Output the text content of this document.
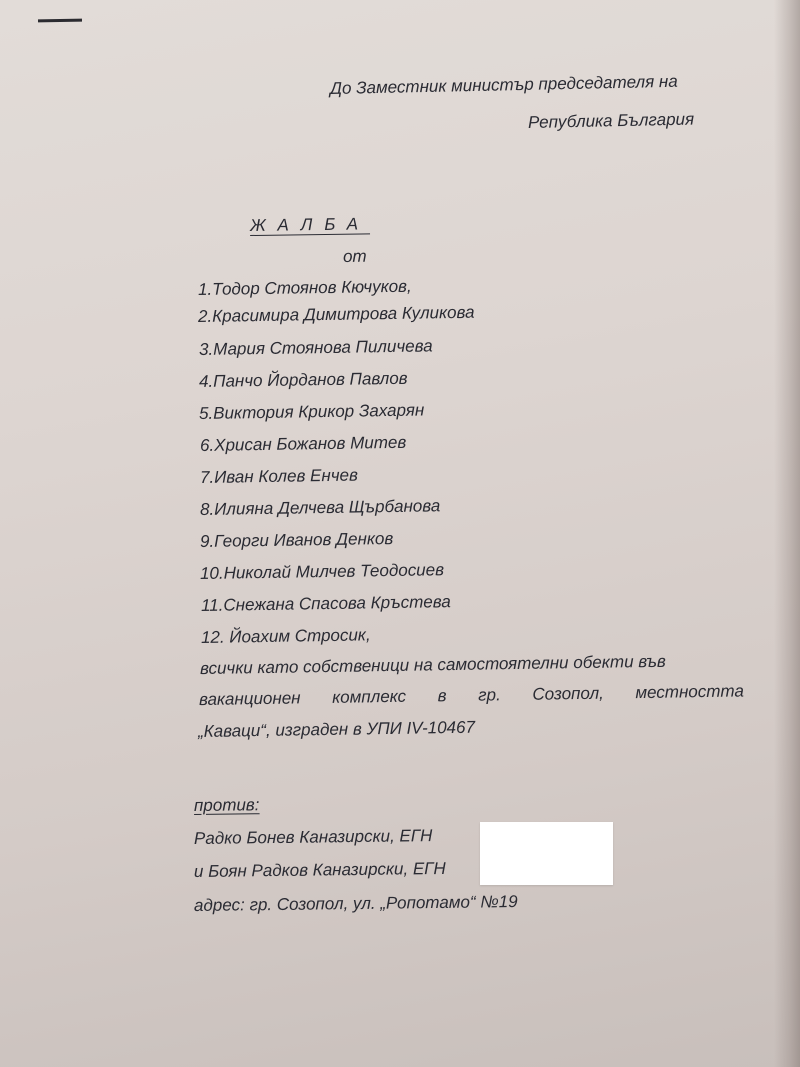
До Заместник министър председателя на
Република България
ЖАЛБА
от
1.Тодор Стоянов Кючуков,
2.Красимира Димитрова Куликова
3.Мария Стоянова Пиличева
4.Панчо Йорданов Павлов
5.Виктория Крикор Захарян
6.Хрисан Божанов Митев
7.Иван Колев Енчев
8.Илияна Делчева Щърбанова
9.Георги Иванов Денков
10.Николай Милчев Теодосиев
11.Снежана Спасова Кръстева
12. Йоахим Стросик,
всички като собственици на самостоятелни обекти във
ваканционен комплекс в гр. Созопол, местността
„Каваци“, изграден в УПИ IV-10467
против:
Радко Бонев Каназирски, ЕГН
и Боян Радков Каназирски, ЕГН
адрес: гр. Созопол, ул. „Ропотамо“ №19
